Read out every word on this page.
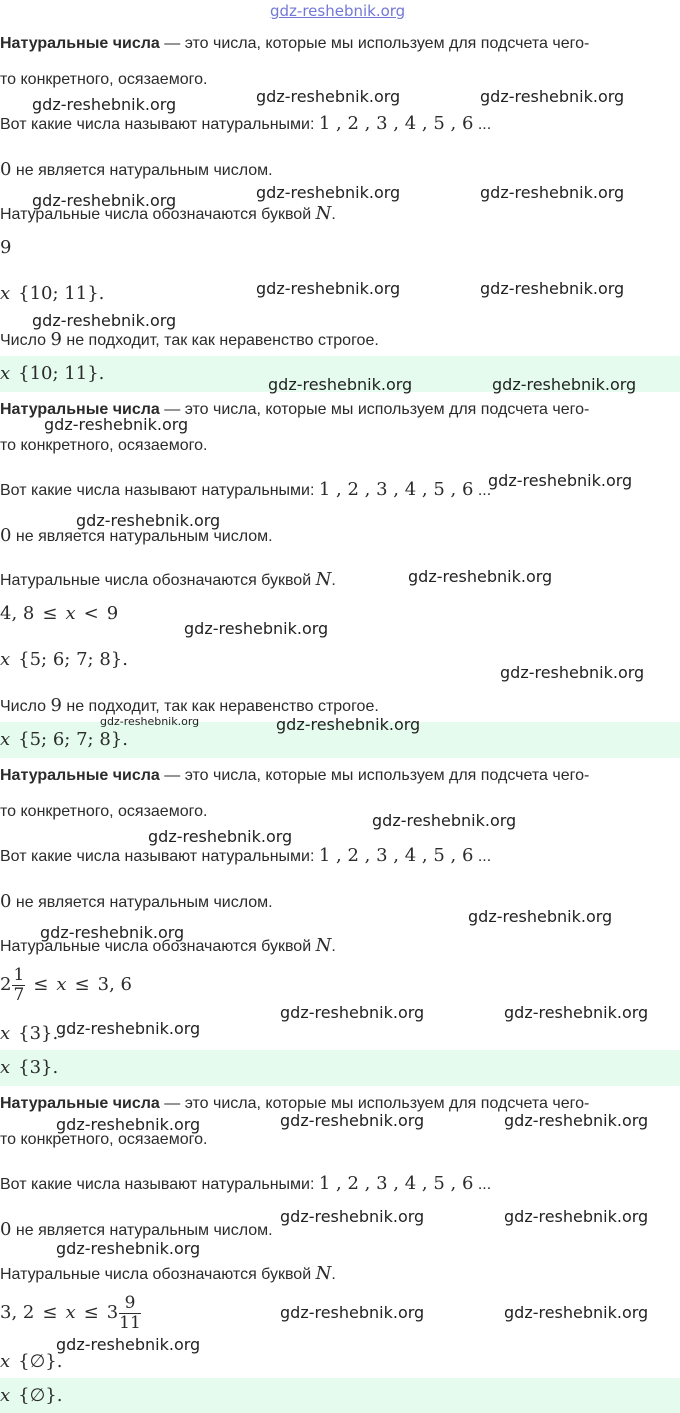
Натуральные числа — это числа, которые мы используем для подсчета чего-

то конкретного, осязаемого.

Вот какие числа называют натуральными: 1 , 2 , 3 , 4 , 5 , 6 ...

0 не является натуральным числом.

Натуральные числа обозначаются буквой N.

9

x {10; 11}.

Число 9 не подходит, так как неравенство строгое.

x {10; 11}.

Натуральные числа — это числа, которые мы используем для подсчета чего-

то конкретного, осязаемого.

Вот какие числа называют натуральными: 1 , 2 , 3 , 4 , 5 , 6 ...

0 не является натуральным числом.

Натуральные числа обозначаются буквой N.

4, 8 ≤ x < 9

x {5; 6; 7; 8}.

Число 9 не подходит, так как неравенство строгое.

x {5; 6; 7; 8}.

Натуральные числа — это числа, которые мы используем для подсчета чего-

то конкретного, осязаемого.

Вот какие числа называют натуральными: 1 , 2 , 3 , 4 , 5 , 6 ...

0 не является натуральным числом.

Натуральные числа обозначаются буквой N.

$2 \frac{1}{7} \le x \le 3$, 6

x {3}.

x {3}.

Натуральные числа — это числа, которые мы используем для подсчета чего-

то конкретного, осязаемого.

Вот какие числа называют натуральными: 1 , 2 , 3 , 4 , 5 , 6 ...

0 не является натуральным числом.

Натуральные числа обозначаются буквой N.

3, $2 \le x \le 3 \frac{9}{11}$

x {∅}.

x {∅}.

gdz-reshebnik.org
gdz-reshebnik.org	gdz-reshebnik.org	gdz-reshebnik.org
gdz-reshebnik.org	gdz-reshebnik.org	gdz-reshebnik.org
gdz-reshebnik.org	gdz-reshebnik.org
gdz-reshebnik.org
gdz-reshebnik.org	gdz-reshebnik.org
gdz-reshebnik.org
gdz-reshebnik.org
gdz-reshebnik.org
gdz-reshebnik.org
gdz-reshebnik.org
gdz-reshebnik.org
gdz-reshebnik.org	gdz-reshebnik.org
gdz-reshebnik.org
gdz-reshebnik.org
gdz-reshebnik.org
gdz-reshebnik.org
gdz-reshebnik.org	gdz-reshebnik.org
gdz-reshebnik.org
gdz-reshebnik.org	gdz-reshebnik.org
gdz-reshebnik.org
gdz-reshebnik.org	gdz-reshebnik.org
gdz-reshebnik.org
gdz-reshebnik.org	gdz-reshebnik.org
gdz-reshebnik.org
